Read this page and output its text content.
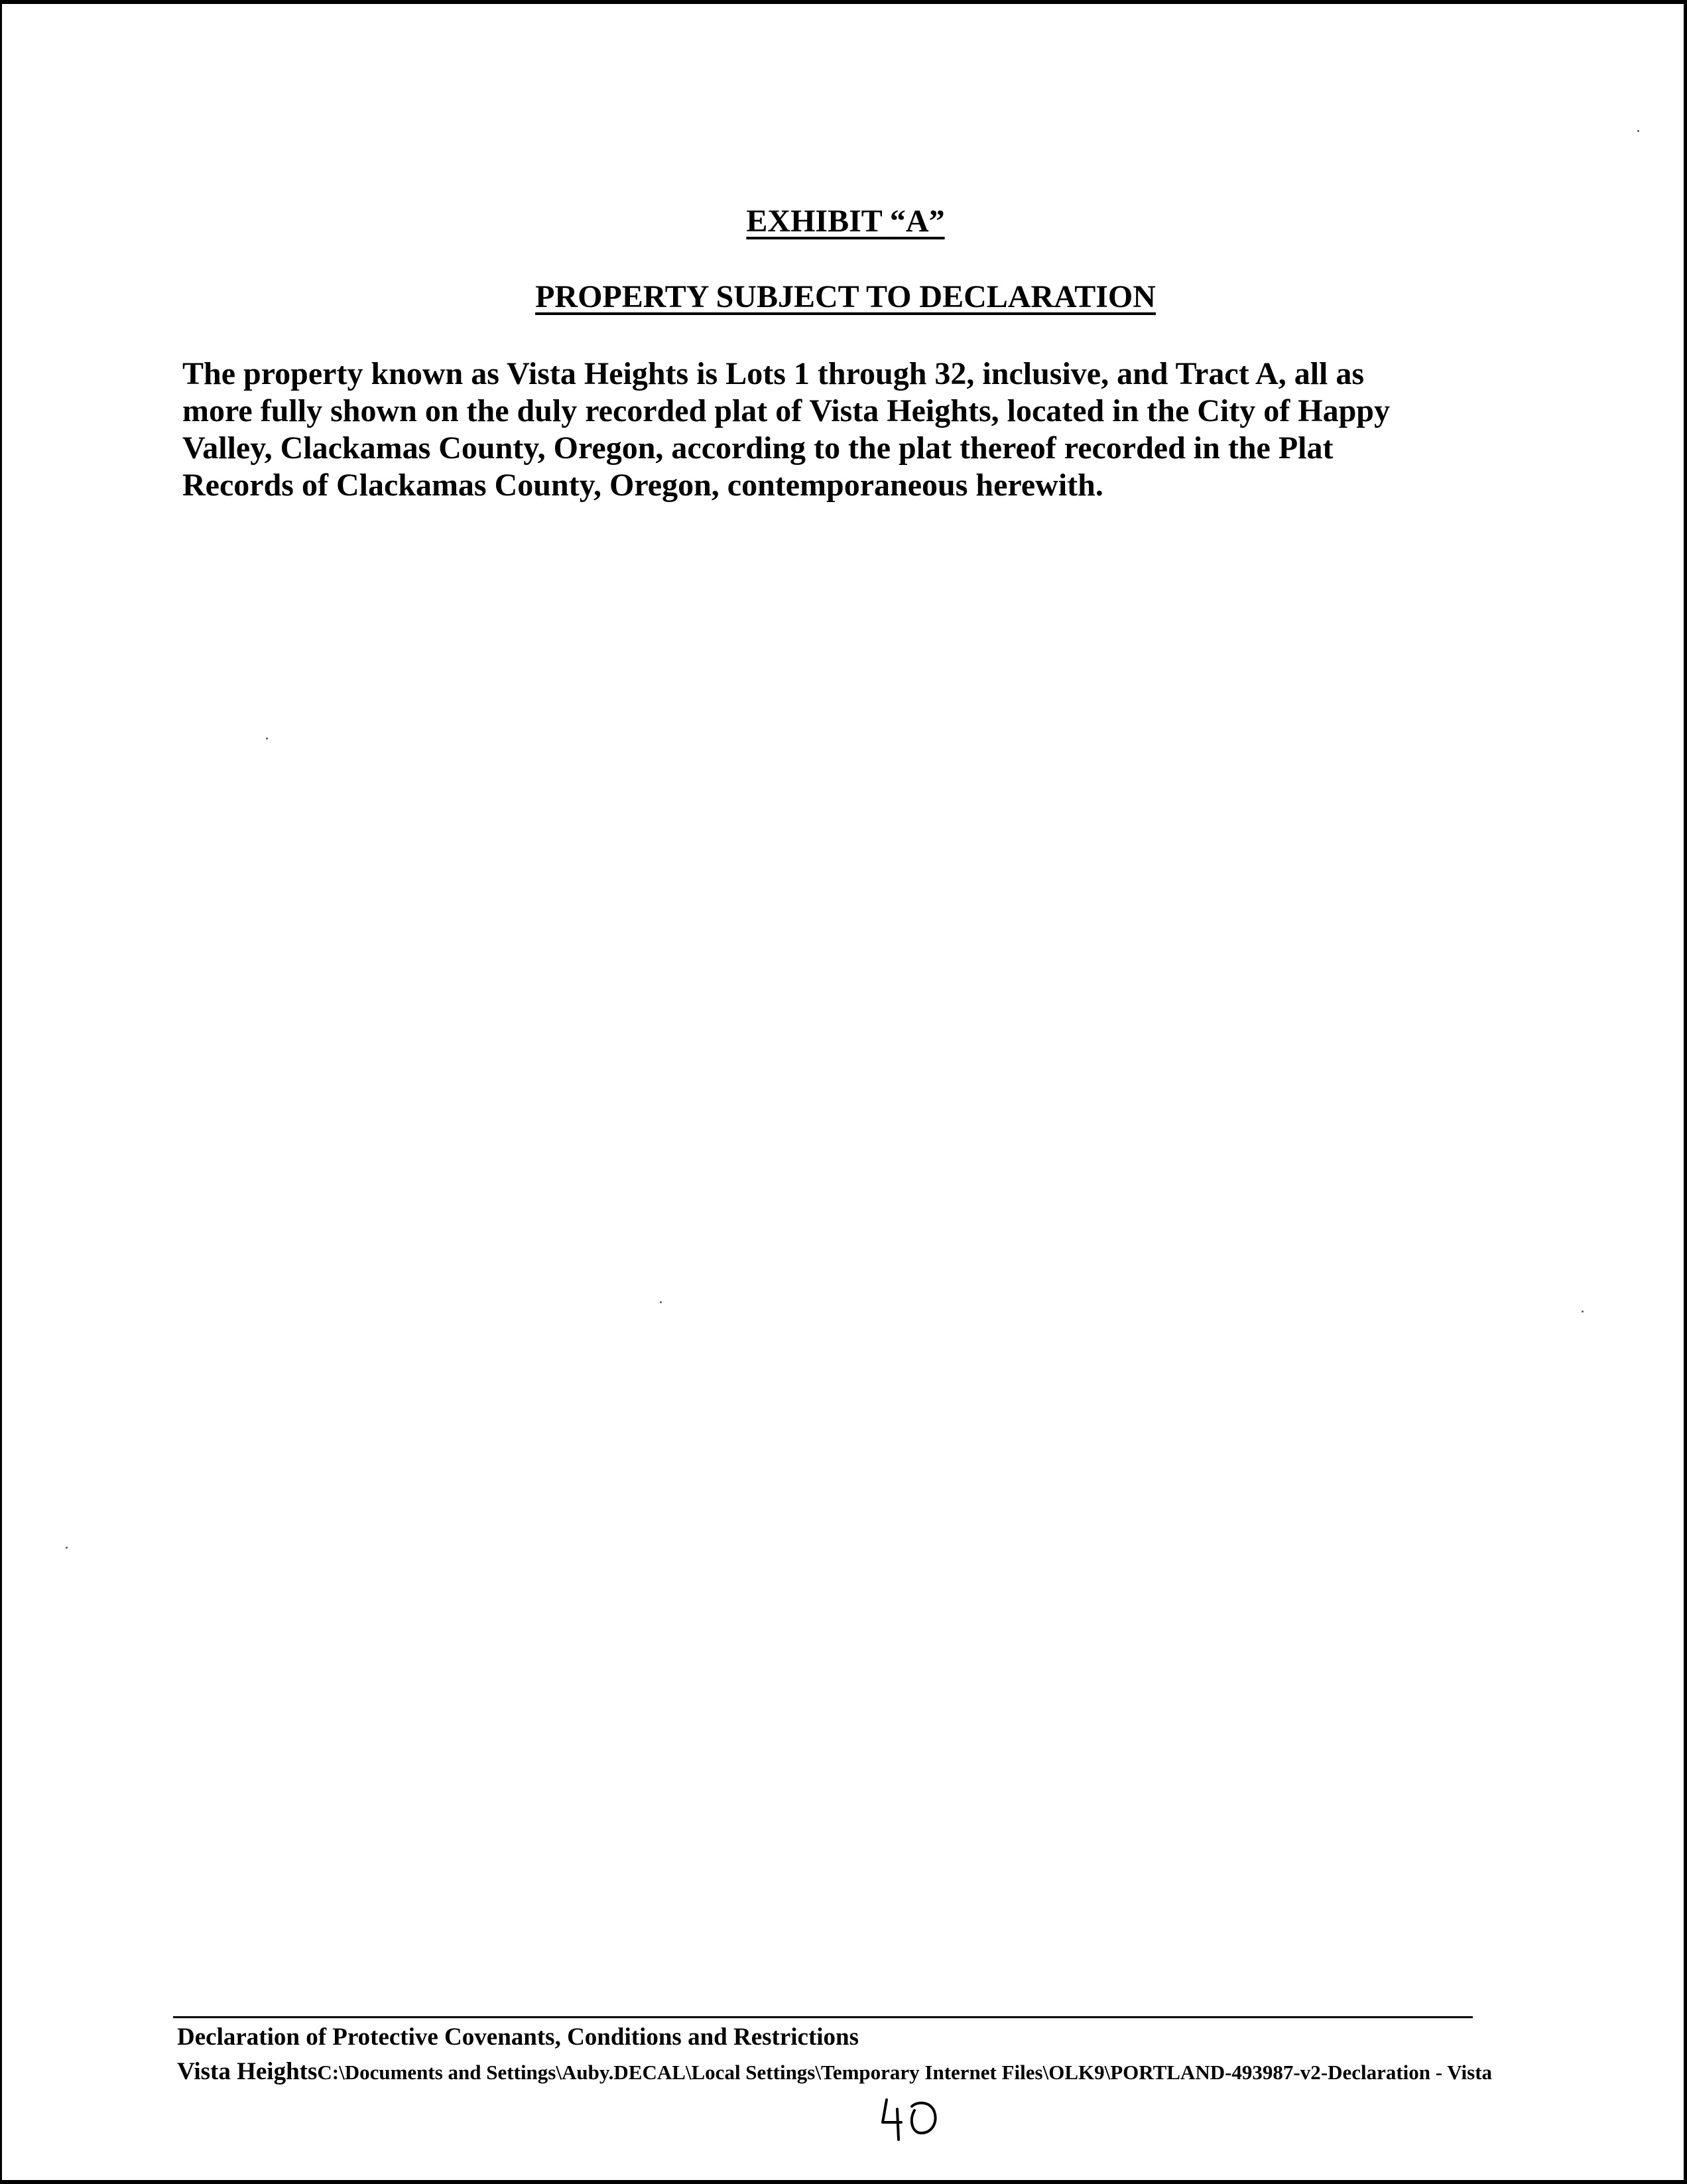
EXHIBIT “A”
PROPERTY SUBJECT TO DECLARATION
The property known as Vista Heights is Lots 1 through 32, inclusive, and Tract A, all as
more fully shown on the duly recorded plat of Vista Heights, located in the City of Happy
Valley, Clackamas County, Oregon, according to the plat thereof recorded in the Plat
Records of Clackamas County, Oregon, contemporaneous herewith.
Declaration of Protective Covenants, Conditions and Restrictions
Vista HeightsC:\Documents and Settings\Auby.DECAL\Local Settings\Temporary Internet Files\OLK9\PORTLAND-493987-v2-Declaration - Vista
